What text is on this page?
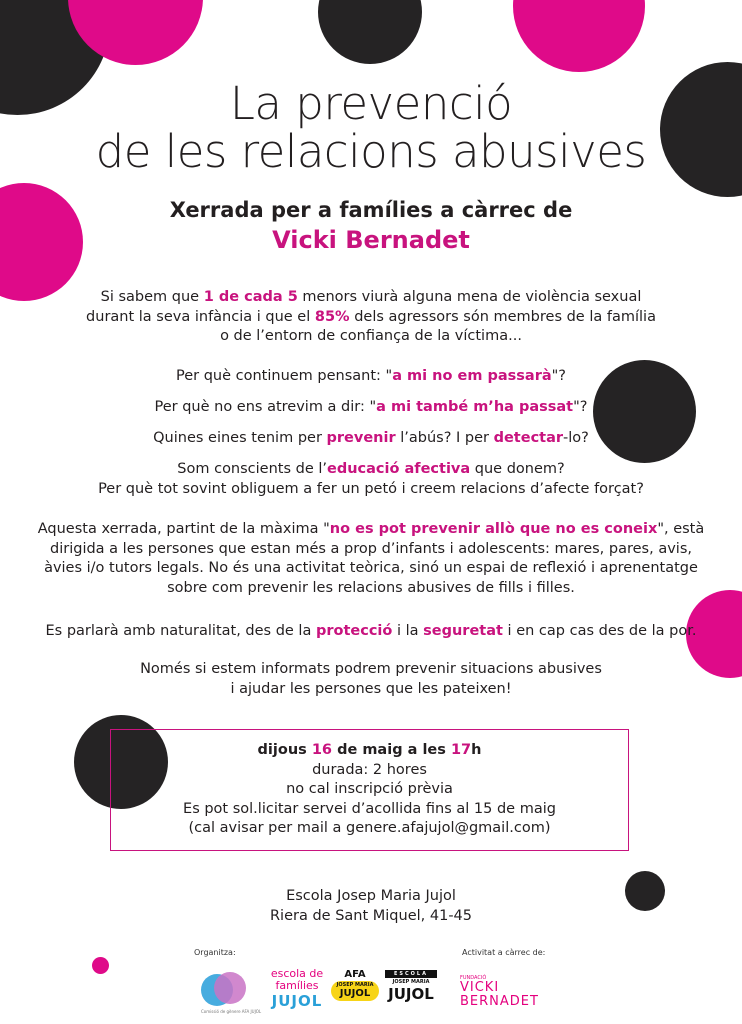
La prevenció
de les relacions abusives
Xerrada per a famílies a càrrec de
Vicki Bernadet
Si sabem que 1 de cada 5 menors viurà alguna mena de violència sexual
durant la seva infància i que el 85% dels agressors són membres de la família
o de l’entorn de confiança de la víctima...
Per què continuem pensant: "a mi no em passarà"?
Per què no ens atrevim a dir: "a mi també m’ha passat"?
Quines eines tenim per prevenir l’abús? I per detectar-lo?
Som conscients de l’educació afectiva que donem?
Per què tot sovint obliguem a fer un petó i creem relacions d’afecte forçat?
Aquesta xerrada, partint de la màxima "no es pot prevenir allò que no es coneix", està
dirigida a les persones que estan més a prop d’infants i adolescents: mares, pares, avis,
àvies i/o tutors legals. No és una activitat teòrica, sinó un espai de reflexió i aprenentatge
sobre com prevenir les relacions abusives de fills i filles.
Es parlarà amb naturalitat, des de la protecció i la seguretat i en cap cas des de la por.
Només si estem informats podrem prevenir situacions abusives
i ajudar les persones que les pateixen!
dijous 16 de maig a les 17h
durada: 2 hores
no cal inscripció prèvia
Es pot sol.licitar servei d’acollida fins al 15 de maig
(cal avisar per mail a genere.afajujol@gmail.com)
Escola Josep Maria Jujol
Riera de Sant Miquel, 41-45
Organitza:	Activitat a càrrec de:
Comissió de gènere AFA JUJOL
escola de
famílies
JUJOL
AFA
JOSEP MARIA
JUJOL
ESCOLA
JOSEP MARIA
JUJOL
FUNDACIÓ
VICKI
BERNADET
